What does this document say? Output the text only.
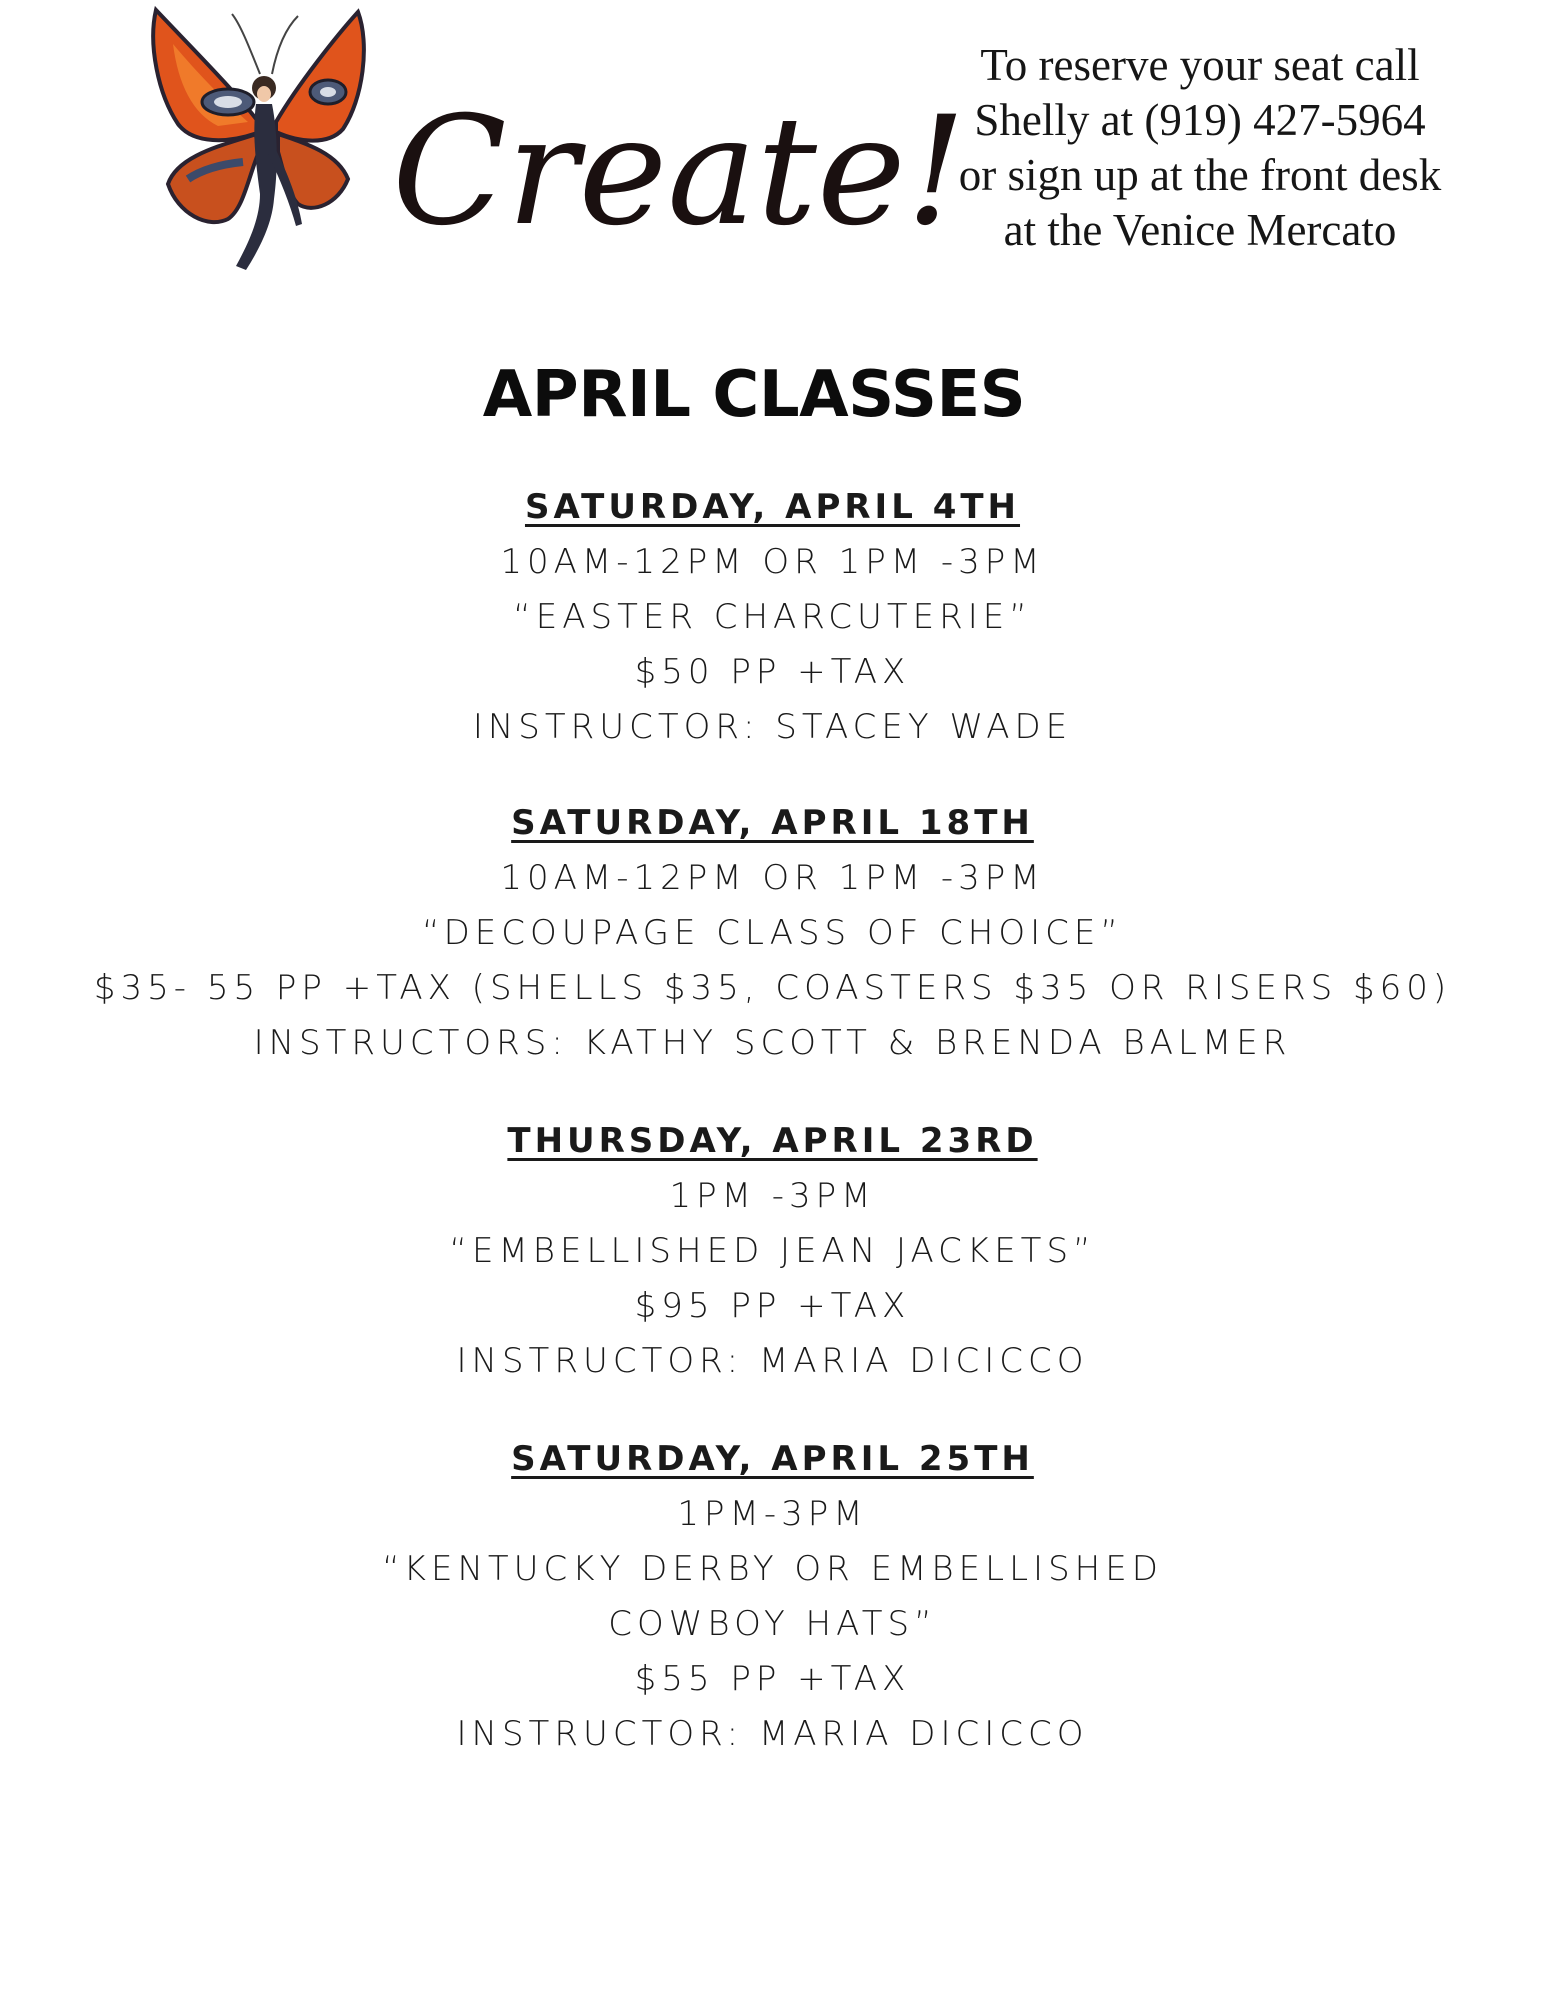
Create!
To reserve your seat call
Shelly at (919) 427-5964
or sign up at the front desk
at the Venice Mercato
APRIL CLASSES
SATURDAY, APRIL 4TH
10AM-12PM OR 1PM -3PM
“EASTER CHARCUTERIE”
$50 PP +TAX
INSTRUCTOR: STACEY WADE
SATURDAY, APRIL 18TH
10AM-12PM OR 1PM -3PM
“DECOUPAGE CLASS OF CHOICE”
$35- 55 PP +TAX (SHELLS $35, COASTERS $35 OR RISERS $60)
INSTRUCTORS: KATHY SCOTT & BRENDA BALMER
THURSDAY, APRIL 23RD
1PM -3PM
“EMBELLISHED JEAN JACKETS”
$95 PP +TAX
INSTRUCTOR: MARIA DICICCO
SATURDAY, APRIL 25TH
1PM-3PM
“KENTUCKY DERBY OR EMBELLISHED
COWBOY HATS”
$55 PP +TAX
INSTRUCTOR: MARIA DICICCO
